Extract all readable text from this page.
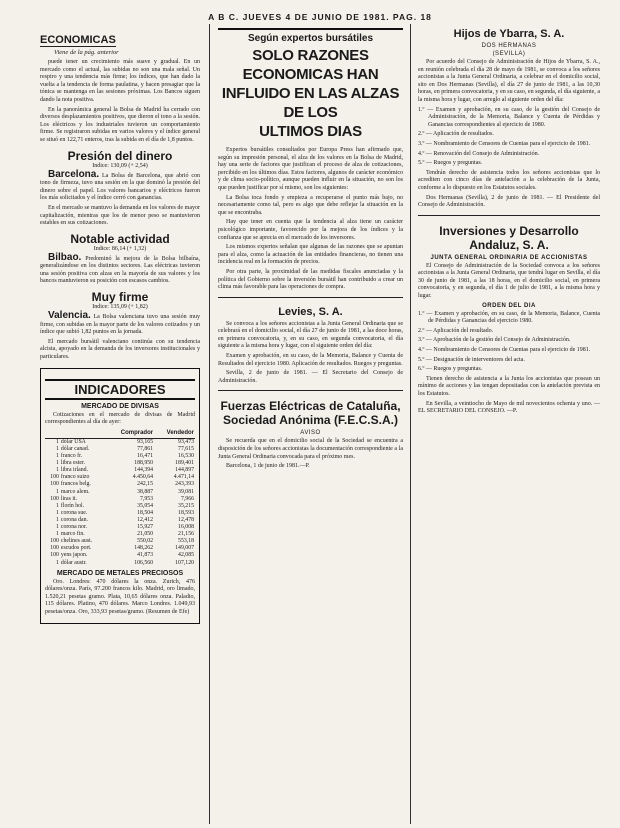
A B C. JUEVES 4 DE JUNIO DE 1981. PAG. 18
ECONOMICAS
Viene de la pág. anterior

puede tener un crecimiento más suave y gradual. En un mercado como el actual, las subidas no son una mala señal. Un respiro y una tendencia más firme; los índices, que han dado la vuelta a la tendencia de forma paulatina, y hacen presagiar que la tónica se mantenga en las sesiones próximas. Los Bancos siguen dando la nota positiva.

En la panorámica general la Bolsa de Madrid ha cerrado con diversos desplazamientos positivos, que dieron el tono a la sesión. Los eléctricos y los industriales tuvieron un comportamiento firme. Se registraron subidas en varios valores y el índice general se situó en 122,71 enteros, tras la subida en el día de 1,8 puntos.

Presión del dinero
Indice: 130,09 (+ 2,54)

Barcelona. La Bolsa de Barcelona, que abrió con tono de firmeza, tuvo una sesión en la que dominó la presión del dinero sobre el papel. Los valores bancarios y eléctricos fueron los más solicitados y el índice cerró con ganancias.

En el mercado se mantuvo la demanda en los valores de mayor capitalización, mientras que los de menor peso se mantuvieron estables en sus cotizaciones.

Notable actividad
Indice: 86,14 (+ 1,32)

Bilbao. Predominó la mejora de la Bolsa bilbaína, generalizándose en los distintos sectores. Las eléctricas tuvieron una sesión positiva con alzas en la mayoría de sus valores y los bancos mantuvieron su posición con escasos cambios.

Muy firme
Indice: 135,09 (+ 1,82)

Valencia. La Bolsa valenciana tuvo una sesión muy firme, con subidas en la mayor parte de los valores cotizados y un índice que subió 1,82 puntos en la jornada.

El mercado bursátil valenciano continúa con su tendencia alcista, apoyado en la demanda de los inversores institucionales y particulares.

INDICADORES
MERCADO DE DIVISAS

Cotizaciones en el mercado de divisas de Madrid correspondientes al día de ayer:

		Comprador	Vendedor
1	dólar USA	93,165	93,473
1	dólar canad.	77,861	77,615
1	franco fr.	16,471	16,530
1	libra ester.	188,950	189,401
1	libra irland.	144,394	144,897
100	franco suizo	4.450,64	4.471,14
100	francos belg.	242,15	243,393
1	marco alem.	38,887	39,081
100	liras it.	7,953	7,966
1	florín hol.	35,054	35,215
1	corona sue.	18,504	18,593
1	corona dan.	12,412	12,478
1	corona nor.	15,927	16,008
1	marco fin.	21,050	21,156
100	chelines aust.	550,02	553,18
100	escudos port.	148,262	149,007
100	yens japon.	41,873	42,085
1	dólar austr.	106,560	107,120
MERCADO DE METALES PRECIOSOS

Oro. Londres: 470 dólares la onza. Zurich, 476 dólares/onza. París, 97.200 francos kilo. Madrid, oro limado, 1.520,21 pesetas gramo. Plata, 10,65 dólares onza. Paladio, 115 dólares. Platino, 470 dólares. Marco Londres. 1.049,93 pesetas/onza. Oro, 333,93 pesetas/gramo. (Resumen de Efe)

Según expertos bursátiles
SOLO RAZONES ECONOMICAS HAN
INFLUIDO EN LAS ALZAS DE LOS
ULTIMOS DIAS

Expertos bursátiles consultados por Europa Press han afirmado que, según su impresión personal, el alza de los valores en la Bolsa de Madrid, hay una serie de factores que justifican el proceso de alza de cotizaciones, percibido en los últimos días. Estos factores, algunos de carácter económico y de clima socio-político, aunque pueden influir en la situación, no son los que pueden justificar por sí mismo, son los siguientes:

La Bolsa toca fondo y empieza a recuperarse el punto más bajo, no necesariamente como tal, pero es algo que debe reflejar la situación en la que se encontraba.

Hay que tener en cuenta que la tendencia al alza tiene un carácter psicológico importante, favorecido por la mejora de los índices y la confianza que se aprecia en el mercado de los inversores.

Los mismos expertos señalan que algunas de las razones que se apuntan para el alza, como la actuación de las entidades financieras, no tienen una incidencia real en la formación de precios.

Por otra parte, la proximidad de las medidas fiscales anunciadas y la política del Gobierno sobre la inversión bursátil han contribuido a crear un clima más favorable para las operaciones de compra.

Levies, S. A.

Se convoca a los señores accionistas a la Junta General Ordinaria que se celebrará en el domicilio social, el día 27 de junio de 1981, a las doce horas, en primera convocatoria, y, en su caso, en segunda convocatoria, el día siguiente a la misma hora y lugar, con el siguiente orden del día:

Examen y aprobación, en su caso, de la Memoria, Balance y Cuenta de Resultados del ejercicio 1980. Aplicación de resultados. Ruegos y preguntas.

Sevilla, 2 de junio de 1981. — El Secretario del Consejo de Administración.

Fuerzas Eléctricas de Cataluña, Sociedad Anónima (F.E.C.S.A.)
AVISO

Se recuerda que en el domicilio social de la Sociedad se encuentra a disposición de los señores accionistas la documentación correspondiente a la Junta General Ordinaria convocada para el próximo mes.

Barcelona, 1 de junio de 1981.—P.

Hijos de Ybarra, S. A.
DOS HERMANAS
(SEVILLA)

Por acuerdo del Consejo de Administración de Hijos de Ybarra, S. A., en reunión celebrada el día 28 de mayo de 1981, se convoca a los señores accionistas a la Junta General Ordinaria, a celebrar en el domicilio social, sito en Dos Hermanas (Sevilla), el día 27 de junio de 1981, a las 10,30 horas, en primera convocatoria, y en su caso, en segunda, el día siguiente, a la misma hora y lugar, con arreglo al siguiente orden del día:

1.º — Examen y aprobación, en su caso, de la gestión del Consejo de Administración, de la Memoria, Balance y Cuenta de Pérdidas y Ganancias correspondientes al ejercicio de 1980.

2.º — Aplicación de resultados.

3.º — Nombramiento de Censores de Cuentas para el ejercicio de 1981.

4.º — Renovación del Consejo de Administración.

5.º — Ruegos y preguntas.

Tendrán derecho de asistencia todos los señores accionistas que lo acrediten con cinco días de antelación a la celebración de la Junta, conforme a lo dispuesto en los Estatutos sociales.

Dos Hermanas (Sevilla), 2 de junio de 1981. — El Presidente del Consejo de Administración.

Inversiones y Desarrollo Andaluz, S. A.
JUNTA GENERAL ORDINARIA DE ACCIONISTAS

El Consejo de Administración de la Sociedad convoca a los señores accionistas a la Junta General Ordinaria, que tendrá lugar en Sevilla, el día 30 de junio de 1981, a las 18 horas, en el domicilio social, en primera convocatoria, y en segunda, el día 1 de julio de 1981, a la misma hora y lugar.

ORDEN DEL DIA

1.º — Examen y aprobación, en su caso, de la Memoria, Balance, Cuenta de Pérdidas y Ganancias del ejercicio 1980.

2.º — Aplicación del resultado.

3.º — Aprobación de la gestión del Consejo de Administración.

4.º — Nombramiento de Censores de Cuentas para el ejercicio de 1981.

5.º — Designación de interventores del acta.

6.º — Ruegos y preguntas.

Tienen derecho de asistencia a la Junta los accionistas que posean un mínimo de acciones y las tengan depositadas con la antelación prevista en los Estatutos.

En Sevilla, a veintiocho de Mayo de mil novecientos ochenta y uno. — EL SECRETARIO DEL CONSEJO. —P.
